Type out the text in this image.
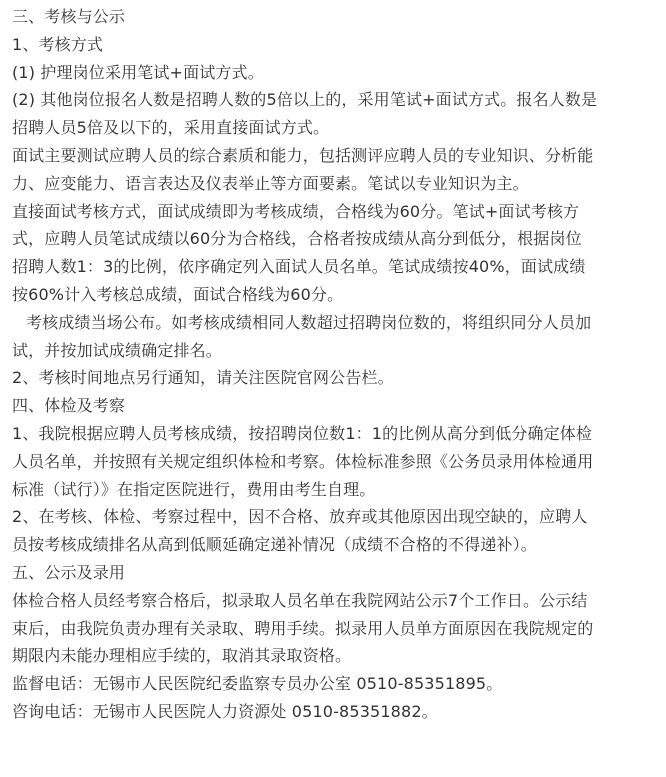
三、考核与公示
1、考核方式
(1) 护理岗位采用笔试+面试方式。
(2) 其他岗位报名人数是招聘人数的5倍以上的，采用笔试+面试方式。报名人数是
招聘人员5倍及以下的，采用直接面试方式。
面试主要测试应聘人员的综合素质和能力，包括测评应聘人员的专业知识、分析能
力、应变能力、语言表达及仪表举止等方面要素。笔试以专业知识为主。
直接面试考核方式，面试成绩即为考核成绩，合格线为60分。笔试+面试考核方
式，应聘人员笔试成绩以60分为合格线，合格者按成绩从高分到低分，根据岗位
招聘人数1：3的比例，依序确定列入面试人员名单。笔试成绩按40%，面试成绩
按60%计入考核总成绩，面试合格线为60分。
考核成绩当场公布。如考核成绩相同人数超过招聘岗位数的，将组织同分人员加
试，并按加试成绩确定排名。
2、考核时间地点另行通知，请关注医院官网公告栏。
四、体检及考察
1、我院根据应聘人员考核成绩，按招聘岗位数1：1的比例从高分到低分确定体检
人员名单，并按照有关规定组织体检和考察。体检标准参照《公务员录用体检通用
标准（试行）》在指定医院进行，费用由考生自理。
2、在考核、体检、考察过程中，因不合格、放弃或其他原因出现空缺的，应聘人
员按考核成绩排名从高到低顺延确定递补情况（成绩不合格的不得递补）。
五、公示及录用
体检合格人员经考察合格后，拟录取人员名单在我院网站公示7个工作日。公示结
束后，由我院负责办理有关录取、聘用手续。拟录用人员单方面原因在我院规定的
期限内未能办理相应手续的，取消其录取资格。
监督电话：无锡市人民医院纪委监察专员办公室 0510-85351895。
咨询电话：无锡市人民医院人力资源处 0510-85351882。
